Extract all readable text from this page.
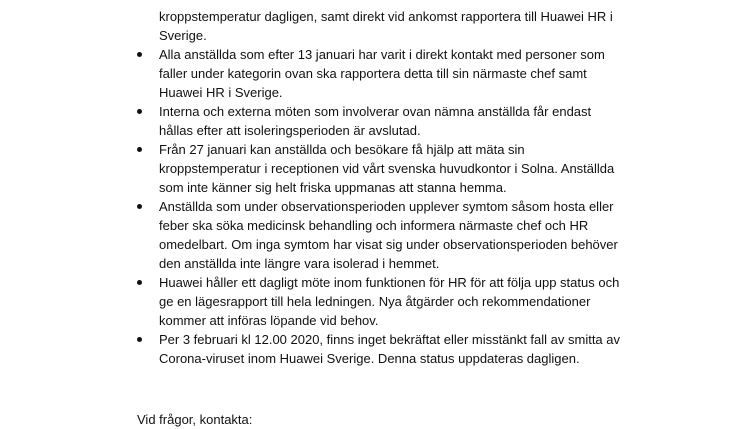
kroppstemperatur dagligen, samt direkt vid ankomst rapportera till Huawei HR i
Sverige.
Alla anställda som efter 13 januari har varit i direkt kontakt med personer som
faller under kategorin ovan ska rapportera detta till sin närmaste chef samt
Huawei HR i Sverige.
Interna och externa möten som involverar ovan nämna anställda får endast
hållas efter att isoleringsperioden är avslutad.
Från 27 januari kan anställda och besökare få hjälp att mäta sin
kroppstemperatur i receptionen vid vårt svenska huvudkontor i Solna. Anställda
som inte känner sig helt friska uppmanas att stanna hemma.
Anställda som under observationsperioden upplever symtom såsom hosta eller
feber ska söka medicinsk behandling och informera närmaste chef och HR
omedelbart. Om inga symtom har visat sig under observationsperioden behöver
den anställda inte längre vara isolerad i hemmet.
Huawei håller ett dagligt möte inom funktionen för HR för att följa upp status och
ge en lägesrapport till hela ledningen. Nya åtgärder och rekommendationer
kommer att införas löpande vid behov.
Per 3 februari kl 12.00 2020, finns inget bekräftat eller misstänkt fall av smitta av
Corona-viruset inom Huawei Sverige. Denna status uppdateras dagligen.
Vid frågor, kontakta:
